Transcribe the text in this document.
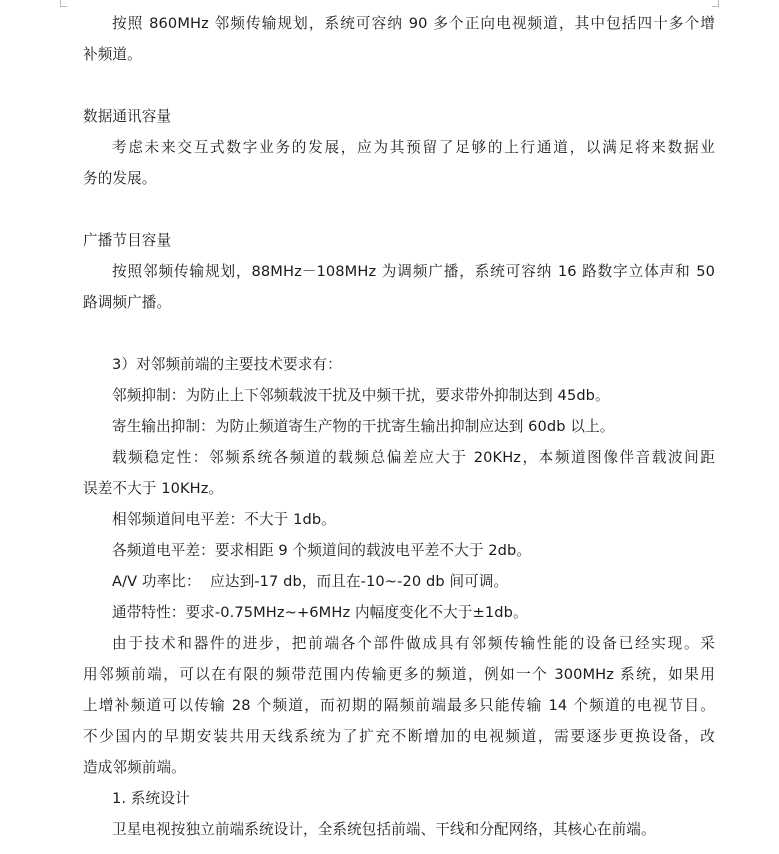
按照 860MHz 邻频传输规划，系统可容纳 90 多个正向电视频道，其中包括四十多个增
补频道。
数据通讯容量
考虑未来交互式数字业务的发展，应为其预留了足够的上行通道，以满足将来数据业
务的发展。
广播节目容量
按照邻频传输规划，88MHz－108MHz 为调频广播，系统可容纳 16 路数字立体声和 50
路调频广播。
3）对邻频前端的主要技术要求有：
邻频抑制：为防止上下邻频载波干扰及中频干扰，要求带外抑制达到 45db。
寄生输出抑制：为防止频道寄生产物的干扰寄生输出抑制应达到 60db 以上。
载频稳定性：邻频系统各频道的载频总偏差应大于 20KHz，本频道图像伴音载波间距
误差不大于 10KHz。
相邻频道间电平差：不大于 1db。
各频道电平差：要求相距 9 个频道间的载波电平差不大于 2db。
A/V 功率比：  应达到-17 db，而且在-10~-20 db 间可调。
通带特性：要求-0.75MHz~+6MHz 内幅度变化不大于±1db。
由于技术和器件的进步，把前端各个部件做成具有邻频传输性能的设备已经实现。采
用邻频前端，可以在有限的频带范围内传输更多的频道，例如一个 300MHz 系统，如果用
上增补频道可以传输 28 个频道，而初期的隔频前端最多只能传输 14 个频道的电视节目。
不少国内的早期安装共用天线系统为了扩充不断增加的电视频道，需要逐步更换设备，改
造成邻频前端。
1. 系统设计
卫星电视按独立前端系统设计，全系统包括前端、干线和分配网络，其核心在前端。
